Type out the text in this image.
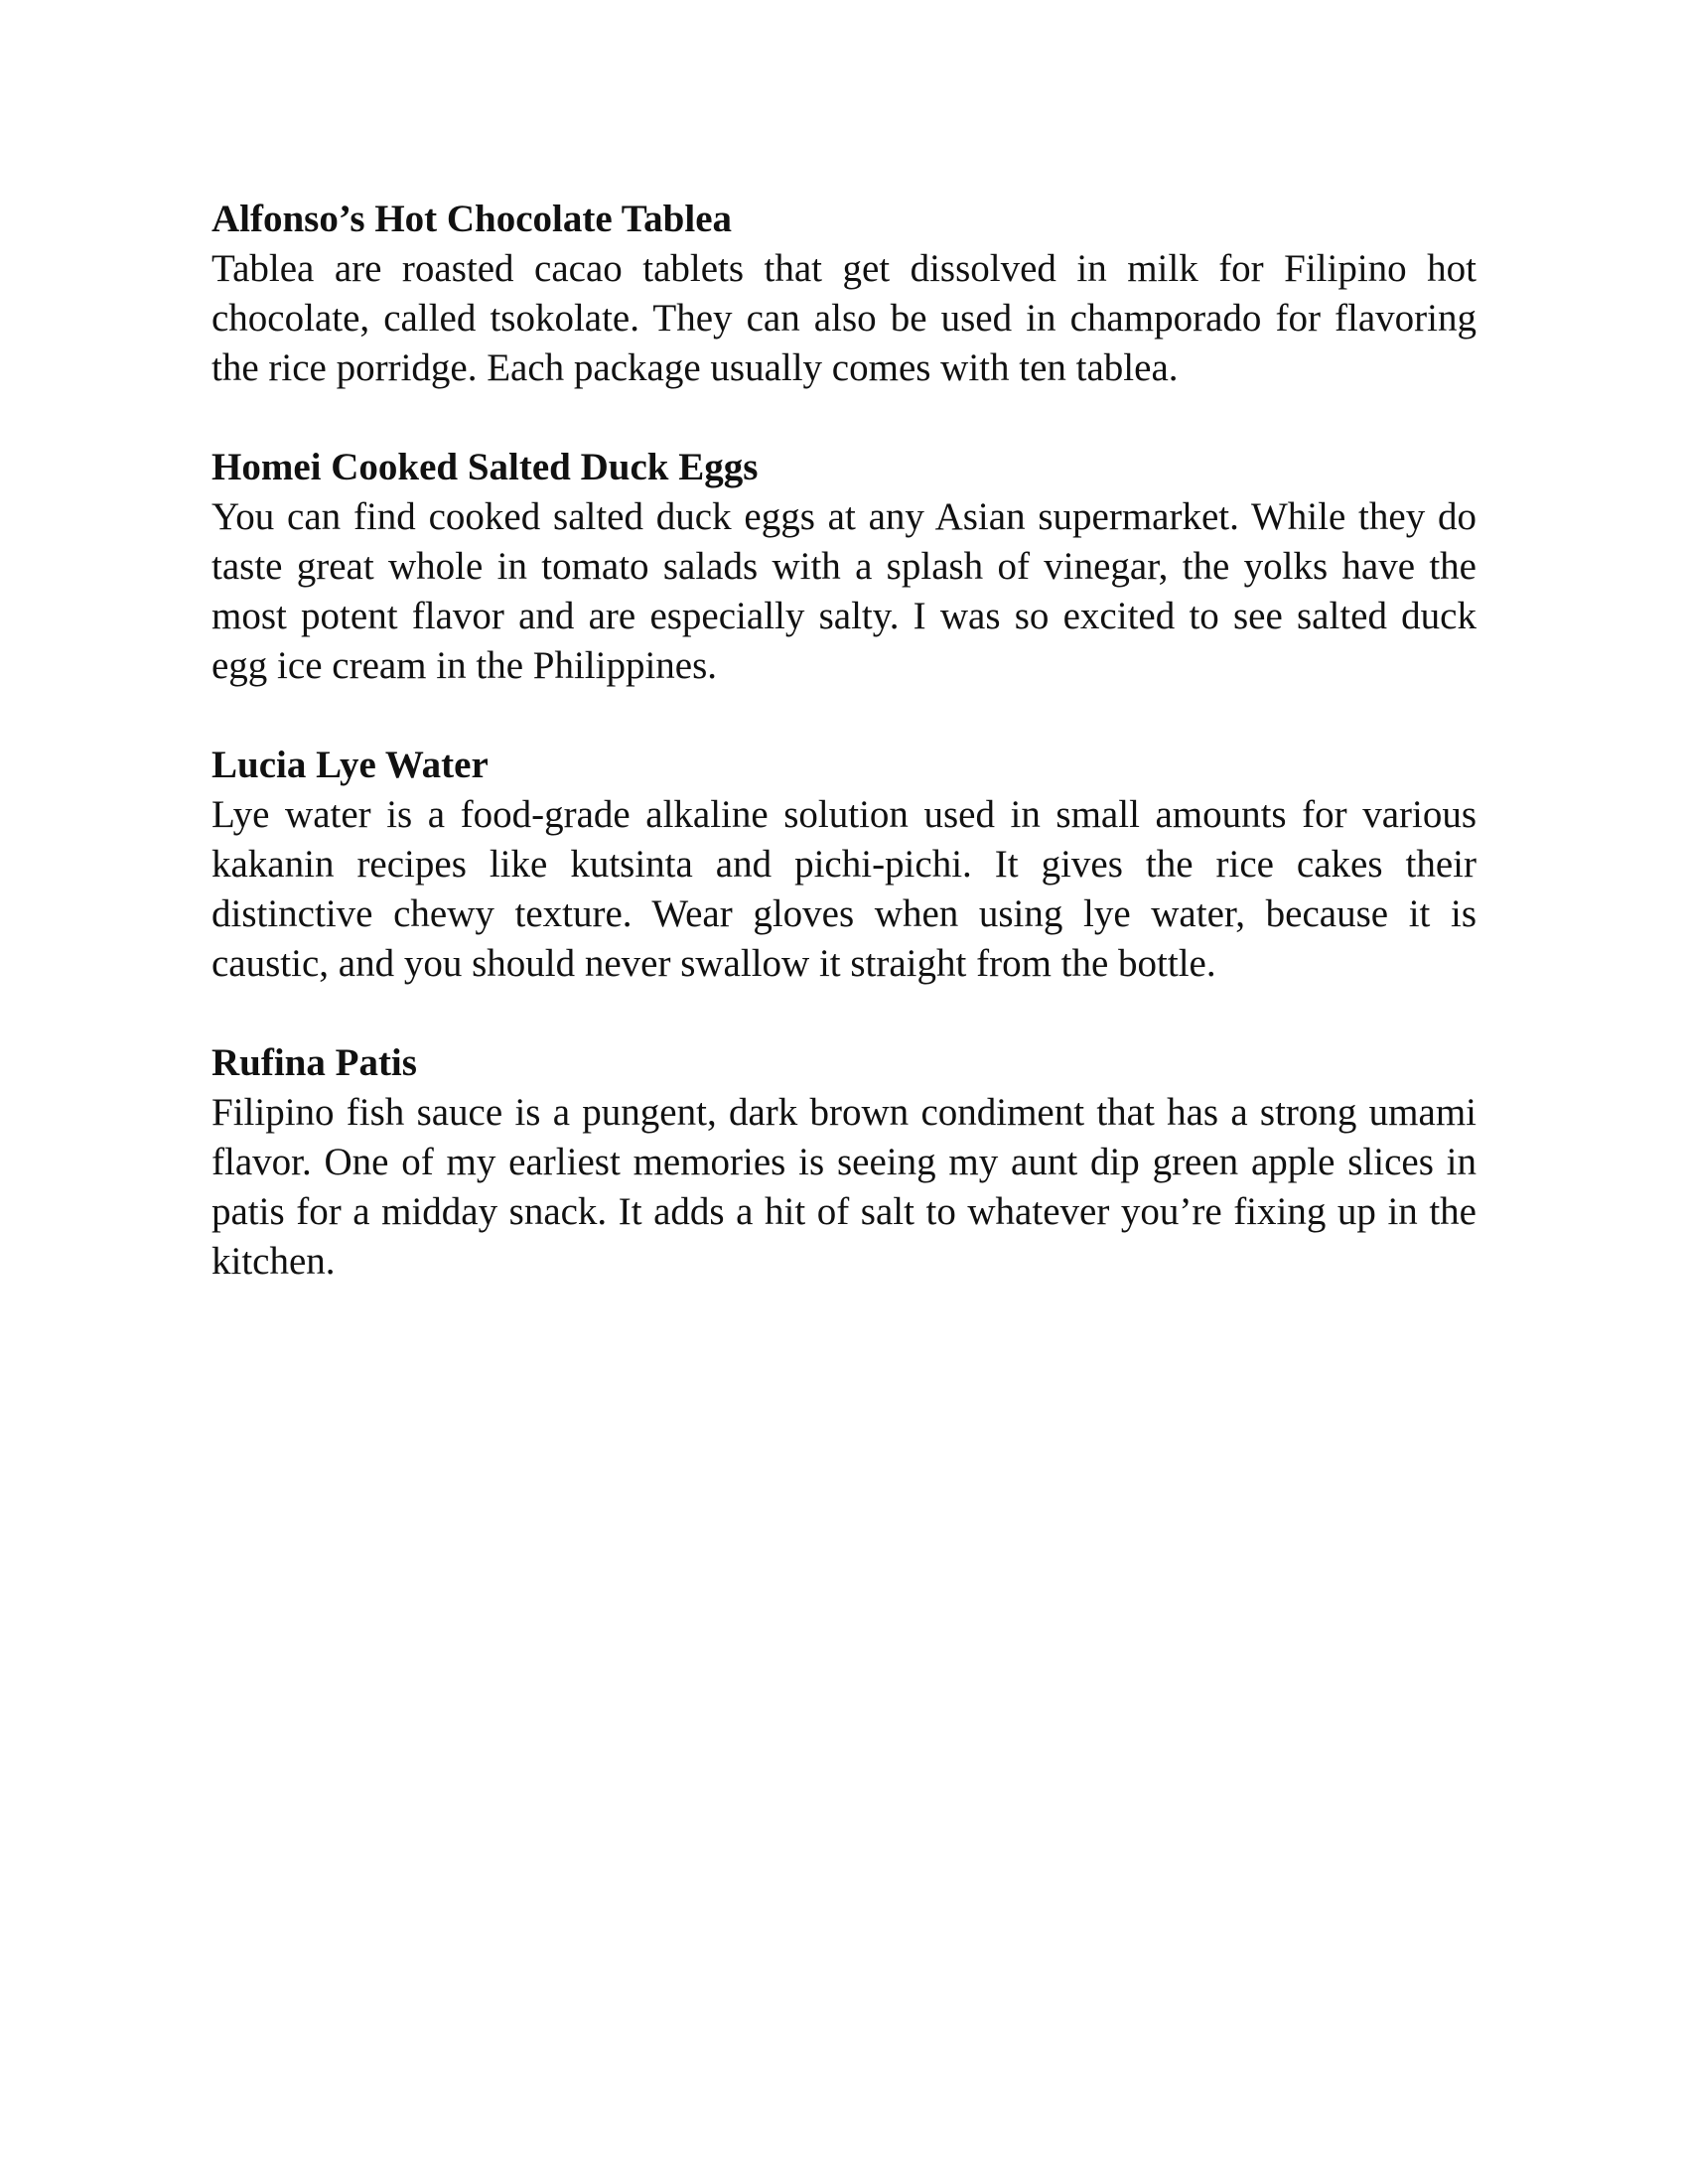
Alfonso’s Hot Chocolate Tablea

Tablea are roasted cacao tablets that get dissolved in milk for Filipino hot chocolate, called tsokolate. They can also be used in champorado for flavoring the rice porridge. Each package usually comes with ten tablea.

Homei Cooked Salted Duck Eggs

You can find cooked salted duck eggs at any Asian supermarket. While they do taste great whole in tomato salads with a splash of vinegar, the yolks have the most potent flavor and are especially salty. I was so excited to see salted duck egg ice cream in the Philippines.

Lucia Lye Water

Lye water is a food-grade alkaline solution used in small amounts for various kakanin recipes like kutsinta and pichi-pichi. It gives the rice cakes their distinctive chewy texture. Wear gloves when using lye water, because it is caustic, and you should never swallow it straight from the bottle.

Rufina Patis

Filipino fish sauce is a pungent, dark brown condiment that has a strong umami flavor. One of my earliest memories is seeing my aunt dip green apple slices in patis for a midday snack. It adds a hit of salt to whatever you’re fixing up in the kitchen.
